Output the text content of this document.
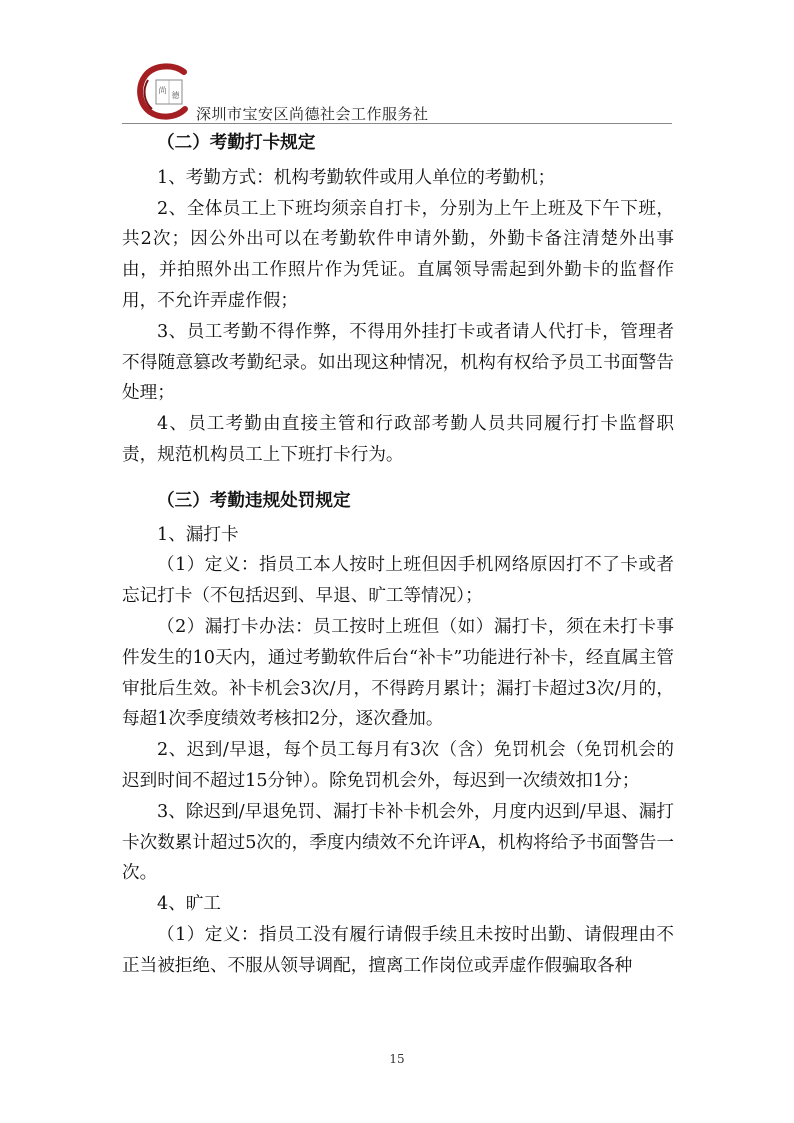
尚
德
深圳市宝安区尚德社会工作服务社

（二）考勤打卡规定

1、考勤方式：机构考勤软件或用人单位的考勤机；

2、全体员工上下班均须亲自打卡，分别为上午上班及下午下班，共2次；因公外出可以在考勤软件申请外勤，外勤卡备注清楚外出事由，并拍照外出工作照片作为凭证。直属领导需起到外勤卡的监督作用，不允许弄虚作假；

3、员工考勤不得作弊，不得用外挂打卡或者请人代打卡，管理者不得随意篡改考勤纪录。如出现这种情况，机构有权给予员工书面警告处理；

4、员工考勤由直接主管和行政部考勤人员共同履行打卡监督职责，规范机构员工上下班打卡行为。

（三）考勤违规处罚规定

1、漏打卡

（1）定义：指员工本人按时上班但因手机网络原因打不了卡或者忘记打卡（不包括迟到、早退、旷工等情况）；

（2）漏打卡办法：员工按时上班但（如）漏打卡，须在未打卡事件发生的10天内，通过考勤软件后台“补卡”功能进行补卡，经直属主管审批后生效。补卡机会3次/月，不得跨月累计；漏打卡超过3次/月的，每超1次季度绩效考核扣2分，逐次叠加。

2、迟到/早退，每个员工每月有3次（含）免罚机会（免罚机会的迟到时间不超过15分钟）。除免罚机会外，每迟到一次绩效扣1分；

3、除迟到/早退免罚、漏打卡补卡机会外，月度内迟到/早退、漏打卡次数累计超过5次的，季度内绩效不允许评A，机构将给予书面警告一次。

4、旷工

（1）定义：指员工没有履行请假手续且未按时出勤、请假理由不正当被拒绝、不服从领导调配，擅离工作岗位或弄虚作假骗取各种

15
